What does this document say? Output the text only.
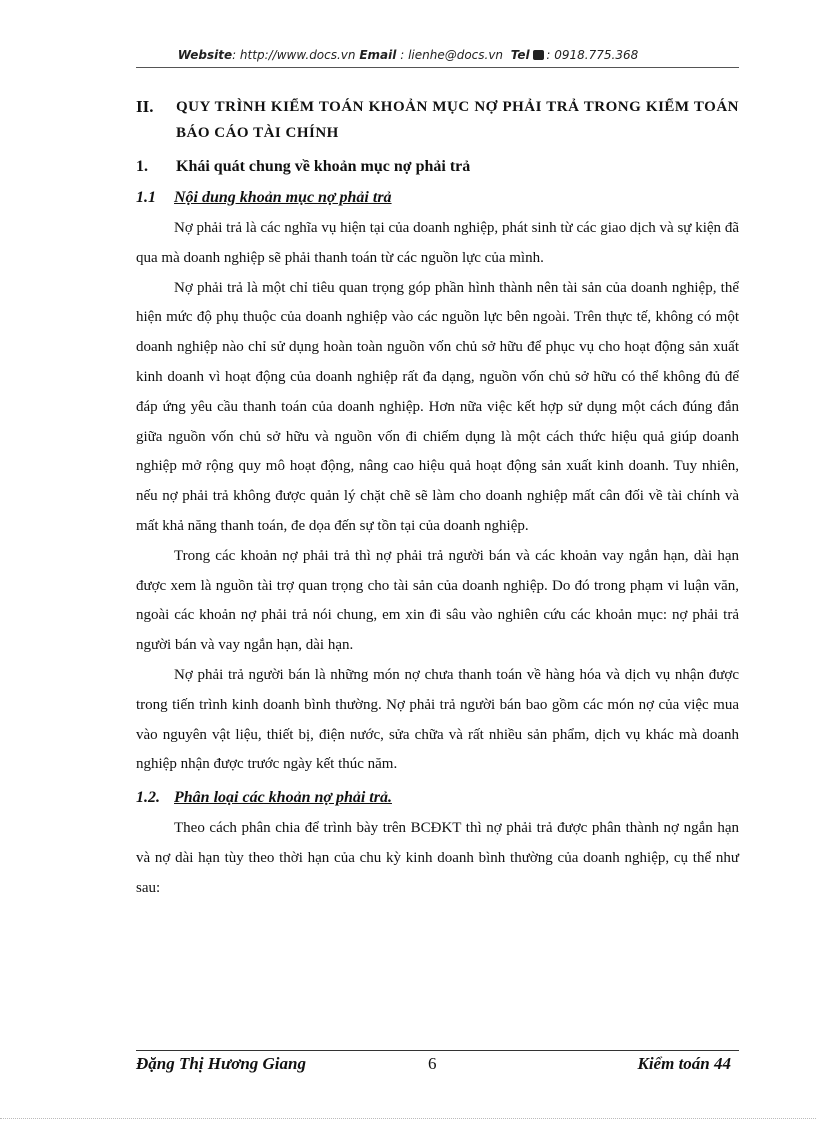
Website: http://www.docs.vn Email : lienhe@docs.vn Tel : 0918.775.368
II.	QUY TRÌNH KIỂM TOÁN KHOẢN MỤC NỢ PHẢI TRẢ TRONG KIỂM TOÁN BÁO CÁO TÀI CHÍNH
1.	Khái quát chung về khoản mục nợ phải trả
1.1	Nội dung khoản mục nợ phải trả

Nợ phải trả là các nghĩa vụ hiện tại của doanh nghiệp, phát sinh từ các giao dịch và sự kiện đã qua mà doanh nghiệp sẽ phải thanh toán từ các nguồn lực của mình.

Nợ phải trả là một chỉ tiêu quan trọng góp phần hình thành nên tài sản của doanh nghiệp, thể hiện mức độ phụ thuộc của doanh nghiệp vào các nguồn lực bên ngoài. Trên thực tế, không có một doanh nghiệp nào chỉ sử dụng hoàn toàn nguồn vốn chủ sở hữu để phục vụ cho hoạt động sản xuất kinh doanh vì hoạt động của doanh nghiệp rất đa dạng, nguồn vốn chủ sở hữu có thể không đủ để đáp ứng yêu cầu thanh toán của doanh nghiệp. Hơn nữa việc kết hợp sử dụng một cách đúng đắn giữa nguồn vốn chủ sở hữu và nguồn vốn đi chiếm dụng là một cách thức hiệu quả giúp doanh nghiệp mở rộng quy mô hoạt động, nâng cao hiệu quả hoạt động sản xuất kinh doanh. Tuy nhiên, nếu nợ phải trả không được quản lý chặt chẽ sẽ làm cho doanh nghiệp mất cân đối về tài chính và mất khả năng thanh toán, đe dọa đến sự tồn tại của doanh nghiệp.

Trong các khoản nợ phải trả thì nợ phải trả người bán và các khoản vay ngắn hạn, dài hạn được xem là nguồn tài trợ quan trọng cho tài sản của doanh nghiệp. Do đó trong phạm vi luận văn, ngoài các khoản nợ phải trả nói chung, em xin đi sâu vào nghiên cứu các khoản mục: nợ phải trả người bán và vay ngắn hạn, dài hạn.

Nợ phải trả người bán là những món nợ chưa thanh toán về hàng hóa và dịch vụ nhận được trong tiến trình kinh doanh bình thường. Nợ phải trả người bán bao gồm các món nợ của việc mua vào nguyên vật liệu, thiết bị, điện nước, sửa chữa và rất nhiều sản phẩm, dịch vụ khác mà doanh nghiệp nhận được trước ngày kết thúc năm.

1.2. Phân loại các khoản nợ phải trả.

Theo cách phân chia để trình bày trên BCĐKT thì nợ phải trả được phân thành nợ ngắn hạn và nợ dài hạn tùy theo thời hạn của chu kỳ kinh doanh bình thường của doanh nghiệp, cụ thể như sau:

Đặng Thị Hương Giang	6	Kiểm toán 44
